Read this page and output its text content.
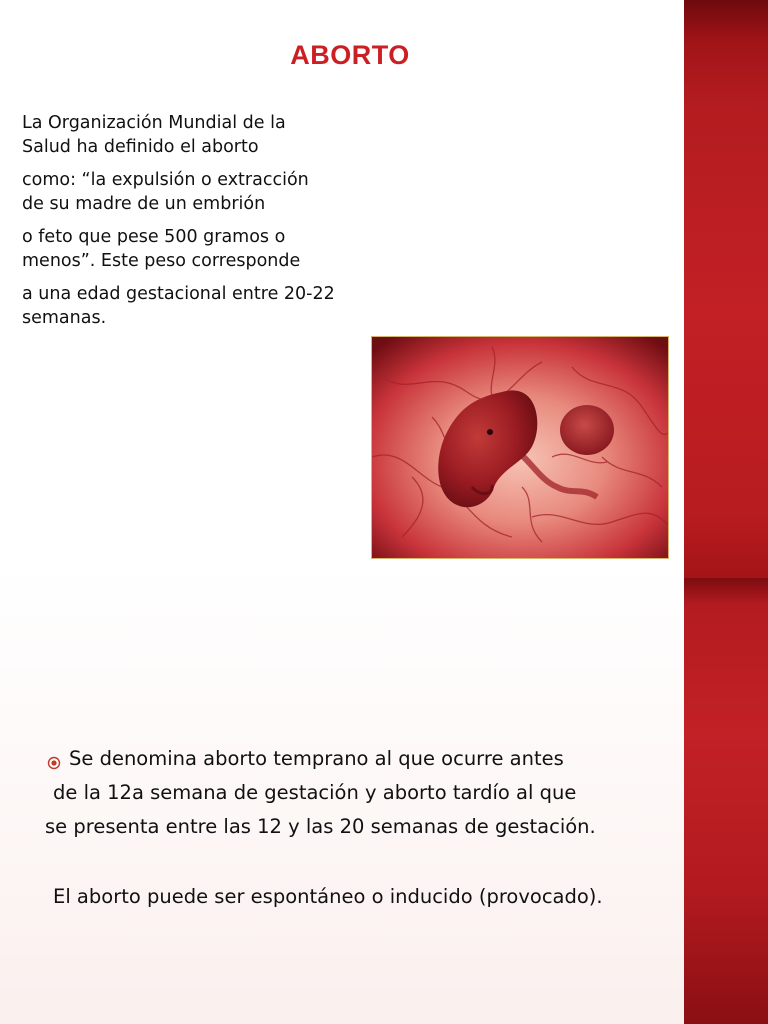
ABORTO
La Organización Mundial de la
Salud ha definido el aborto
como: “la expulsión o extracción
de su madre de un embrión
o feto que pese 500 gramos o
menos”. Este peso corresponde
a una edad gestacional entre 20-22
semanas.
Se denomina aborto temprano al que ocurre antes
de la 12a semana de gestación y aborto tardío al que
se presenta entre las 12 y las 20 semanas de gestación.
El aborto puede ser espontáneo o inducido (provocado).
